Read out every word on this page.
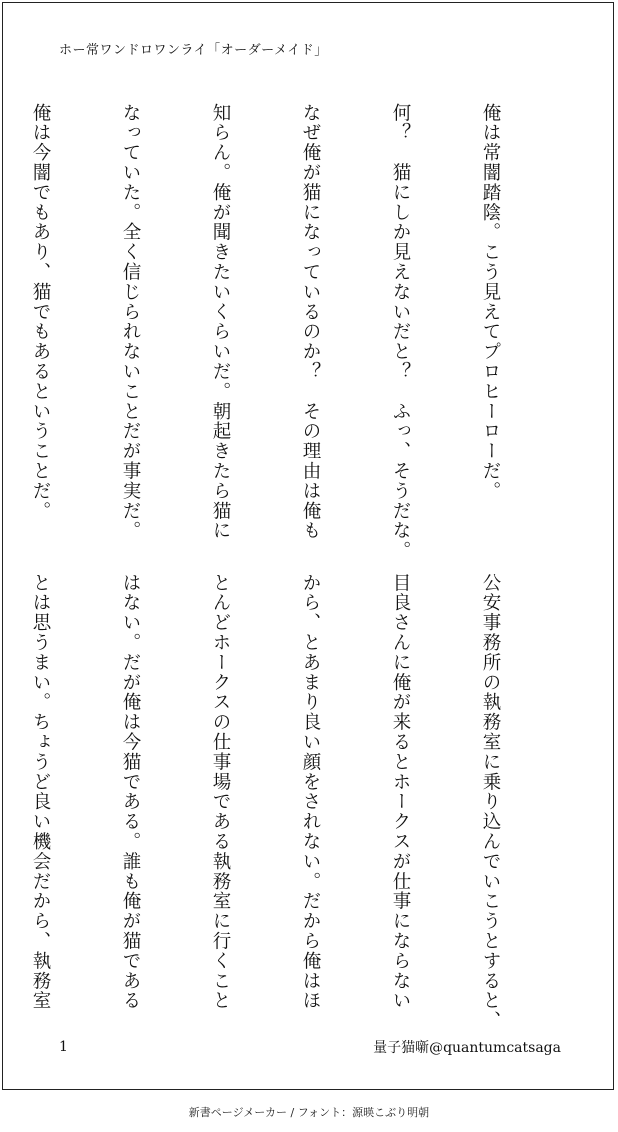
ホー常ワンドロワンライ「オーダーメイド」

俺は常闇踏陰。こう見えてプロヒーローだ。

何？　猫にしか見えないだと？　ふっ、そうだな。

なぜ俺が猫になっているのか？　その理由は俺も

知らん。俺が聞きたいくらいだ。朝起きたら猫に

なっていた。全く信じられないことだが事実だ。

俺は今闇でもあり、猫でもあるということだ。

公安事務所の執務室に乗り込んでいこうとすると、

目良さんに俺が来るとホークスが仕事にならない

から、とあまり良い顔をされない。だから俺はほ

とんどホークスの仕事場である執務室に行くこと

はない。だが俺は今猫である。誰も俺が猫である

とは思うまい。ちょうど良い機会だから、執務室

1	量子猫噺@quantumcatsaga
新書ページメーカー / フォント：源暎こぶり明朝
